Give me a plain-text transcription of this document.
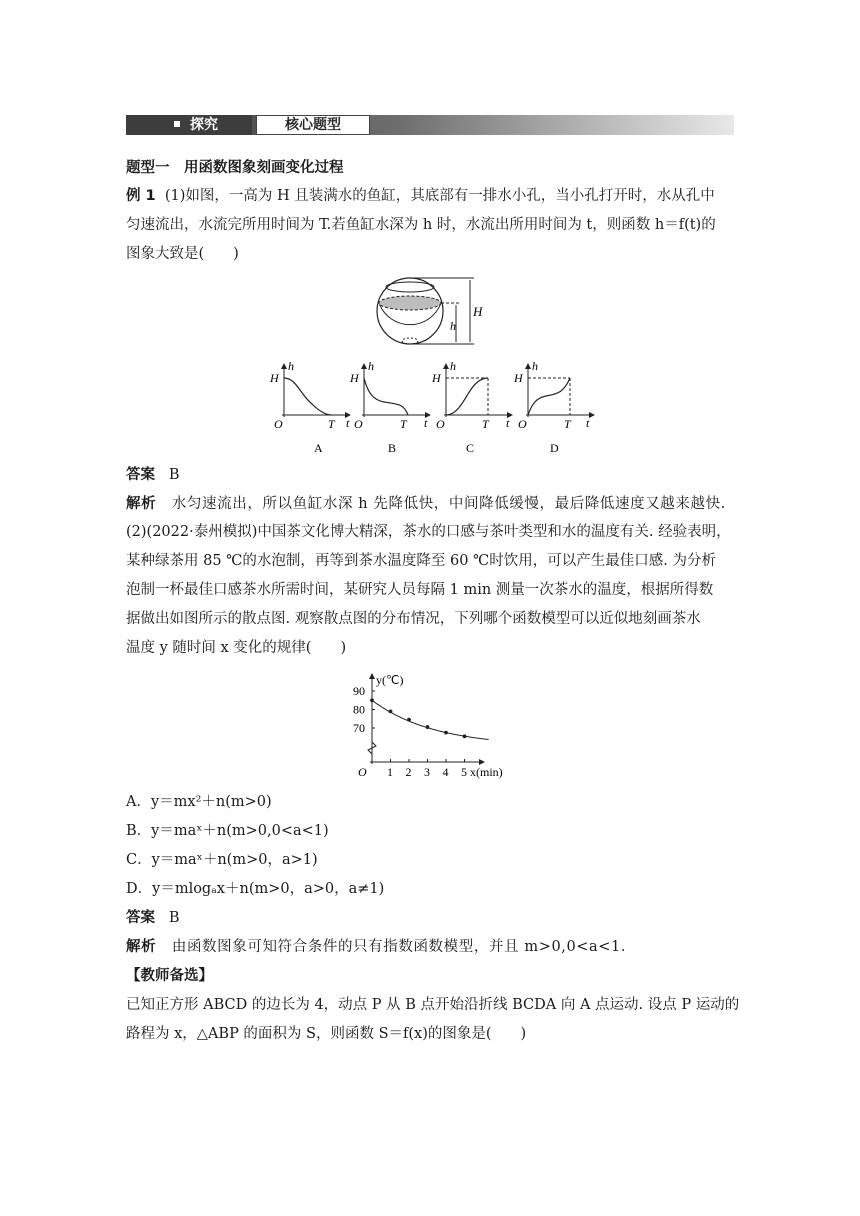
探究	核心题型
题型一　用函数图象刻画变化过程
例 1 (1)如图，一高为 H 且装满水的鱼缸，其底部有一排水小孔，当小孔打开时，水从孔中
匀速流出，水流完所用时间为 T.若鱼缸水深为 h 时，水流出所用时间为 t，则函数 h＝f(t)的
图象大致是(　　)
H
h
h
H
O	T t
A
h
H
O	T t
B
h
H
O	T t
C
h
H
O	T t
D
答案 B
解析 水匀速流出，所以鱼缸水深 h 先降低快，中间降低缓慢，最后降低速度又越来越快.
(2)(2022·泰州模拟)中国茶文化博大精深，茶水的口感与茶叶类型和水的温度有关. 经验表明，
某种绿茶用 85 ℃的水泡制，再等到茶水温度降至 60 ℃时饮用，可以产生最佳口感. 为分析
泡制一杯最佳口感茶水所需时间，某研究人员每隔 1 min 测量一次茶水的温度，根据所得数
据做出如图所示的散点图. 观察散点图的分布情况，下列哪个函数模型可以近似地刻画茶水
温度 y 随时间 x 变化的规律(　　)
70
80
90
1 2 3 4 5
y(℃)
x(min)
O
A．y＝mx²＋n(m>0)
B．y＝maˣ＋n(m>0,0<a<1)
C．y＝maˣ＋n(m>0，a>1)
D．y＝mlogₐx＋n(m>0，a>0，a≠1)
答案 B
解析 由函数图象可知符合条件的只有指数函数模型，并且 m>0,0<a<1.
【教师备选】
已知正方形 ABCD 的边长为 4，动点 P 从 B 点开始沿折线 BCDA 向 A 点运动. 设点 P 运动的
路程为 x，△ABP 的面积为 S，则函数 S＝f(x)的图象是(　　)
